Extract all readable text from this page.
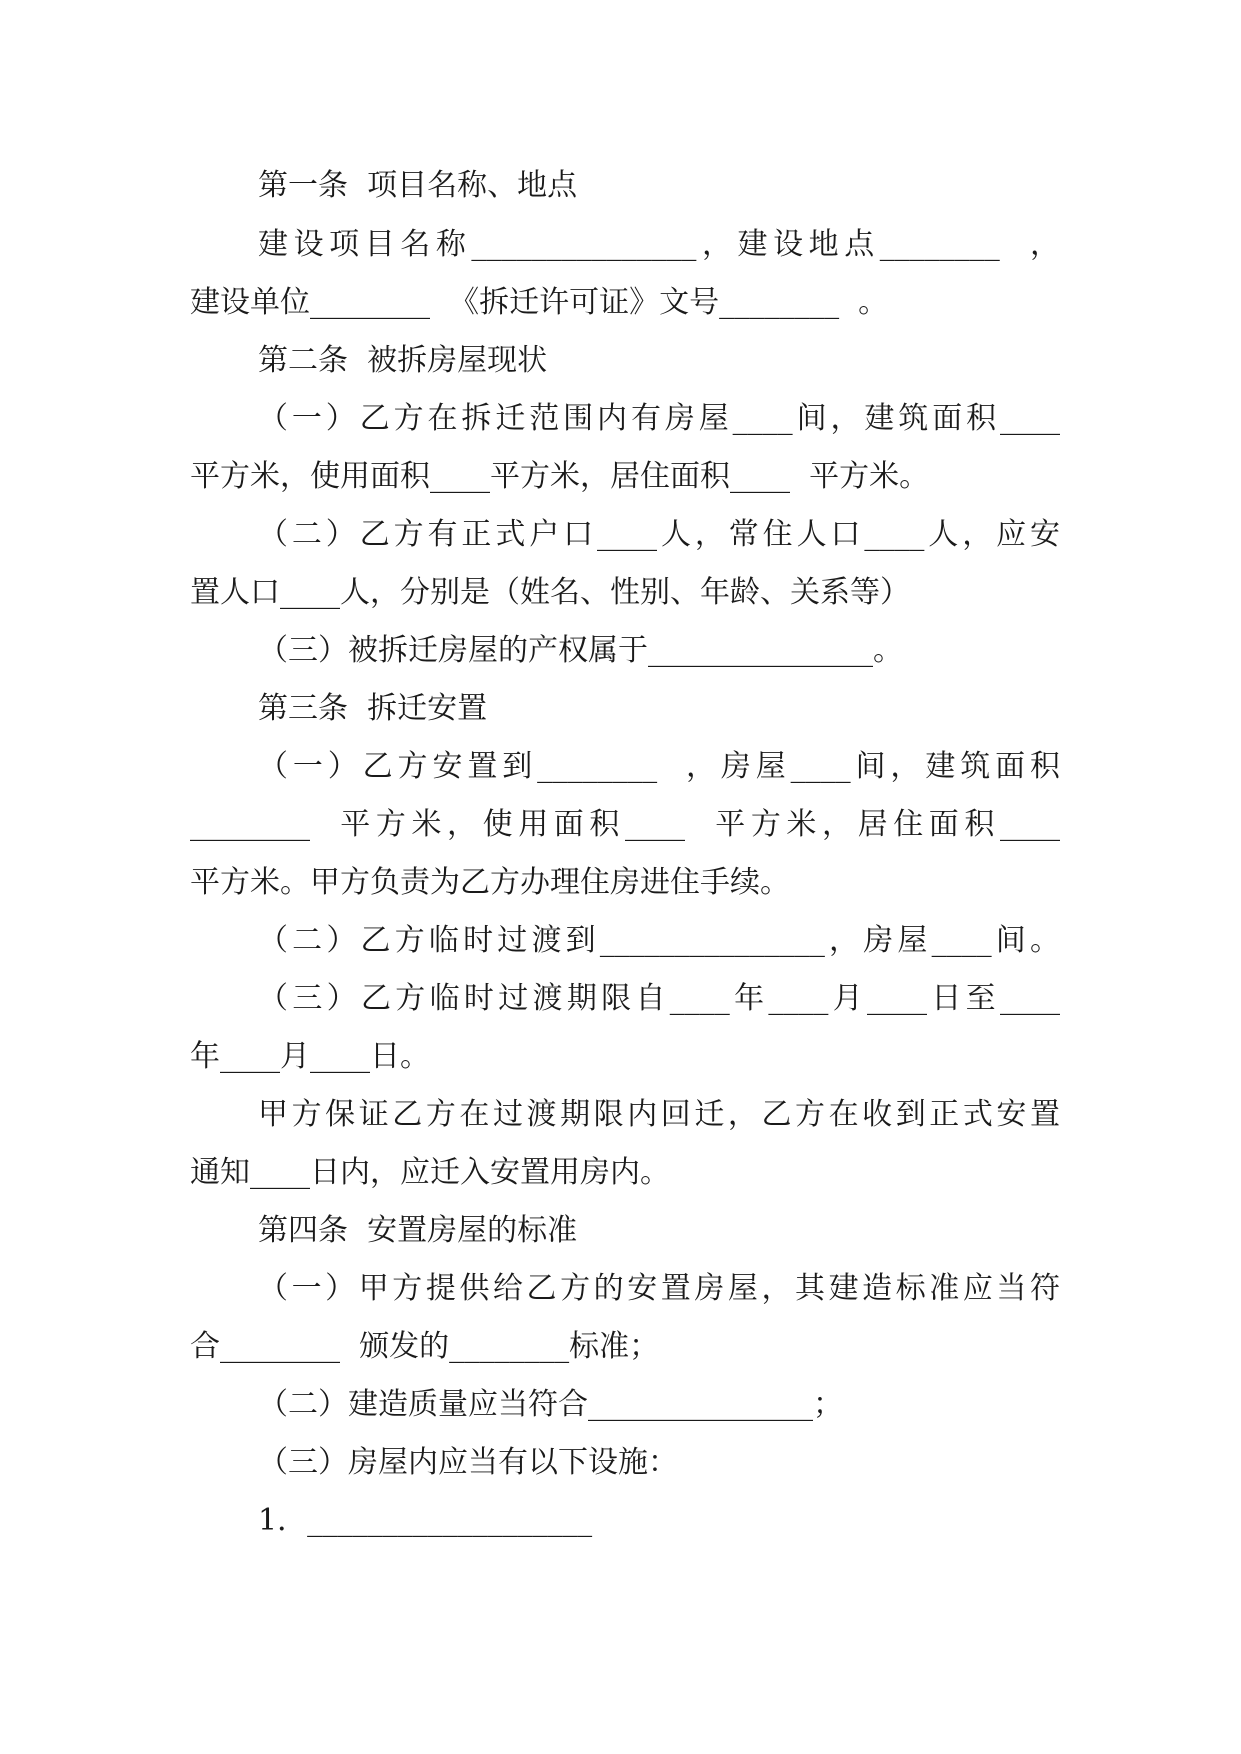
第一条  项目名称、地点
建设项目名称_______________，建设地点________  ，
建设单位________  《拆迁许可证》文号________  。
第二条  被拆房屋现状
（一）乙方在拆迁范围内有房屋____间，建筑面积____
平方米，使用面积____平方米，居住面积____  平方米。
（二）乙方有正式户口____人，常住人口____人，应安
置人口____人，分别是（姓名、性别、年龄、关系等）
（三）被拆迁房屋的产权属于_______________。
第三条  拆迁安置
（一）乙方安置到________  ，房屋____间，建筑面积
________  平方米，使用面积____  平方米，居住面积____
平方米。甲方负责为乙方办理住房进住手续。
（二）乙方临时过渡到_______________，房屋____间。
（三）乙方临时过渡期限自____年____月____日至____
年____月____日。
甲方保证乙方在过渡期限内回迁，乙方在收到正式安置
通知____日内，应迁入安置用房内。
第四条  安置房屋的标准
（一）甲方提供给乙方的安置房屋，其建造标准应当符
合________  颁发的________标准；
（二）建造质量应当符合_______________；
（三）房屋内应当有以下设施：
1．___________________
